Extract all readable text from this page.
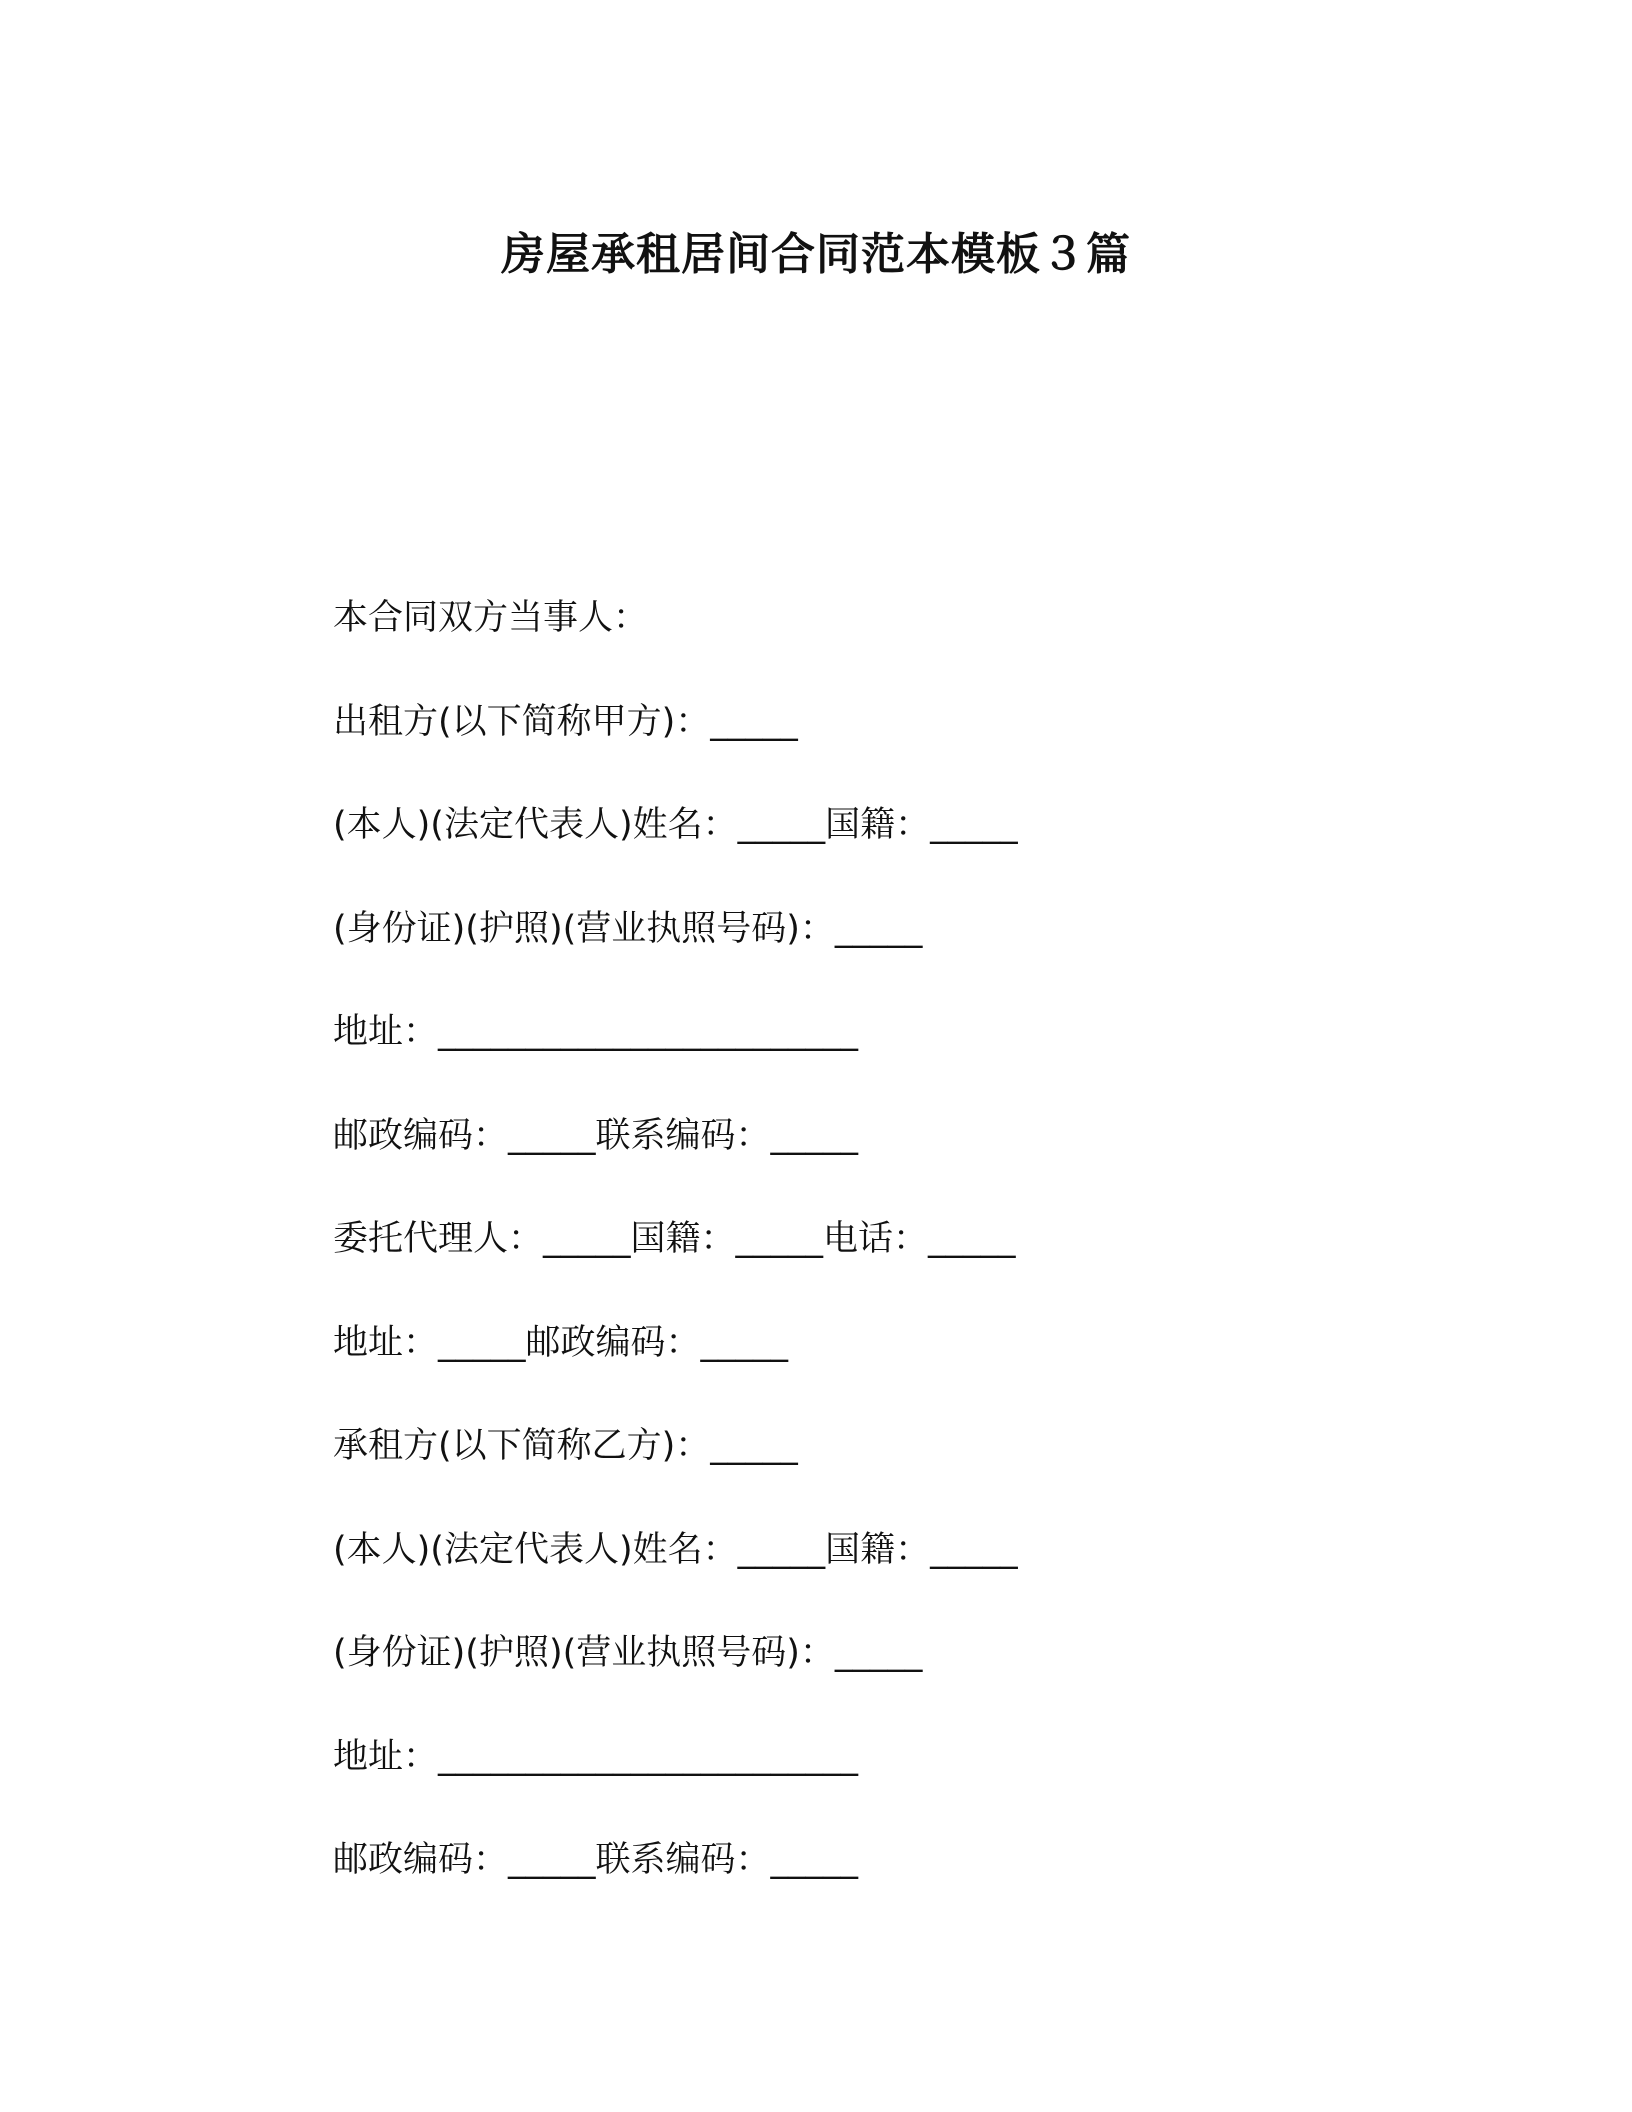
房屋承租居间合同范本模板３篇
本合同双方当事人：
出租方(以下简称甲方)：_____
(本人)(法定代表人)姓名：_____国籍：_____
(身份证)(护照)(营业执照号码)：_____
地址：________________________
邮政编码：_____联系编码：_____
委托代理人：_____国籍：_____电话：_____
地址：_____邮政编码：_____
承租方(以下简称乙方)：_____
(本人)(法定代表人)姓名：_____国籍：_____
(身份证)(护照)(营业执照号码)：_____
地址：________________________
邮政编码：_____联系编码：_____
